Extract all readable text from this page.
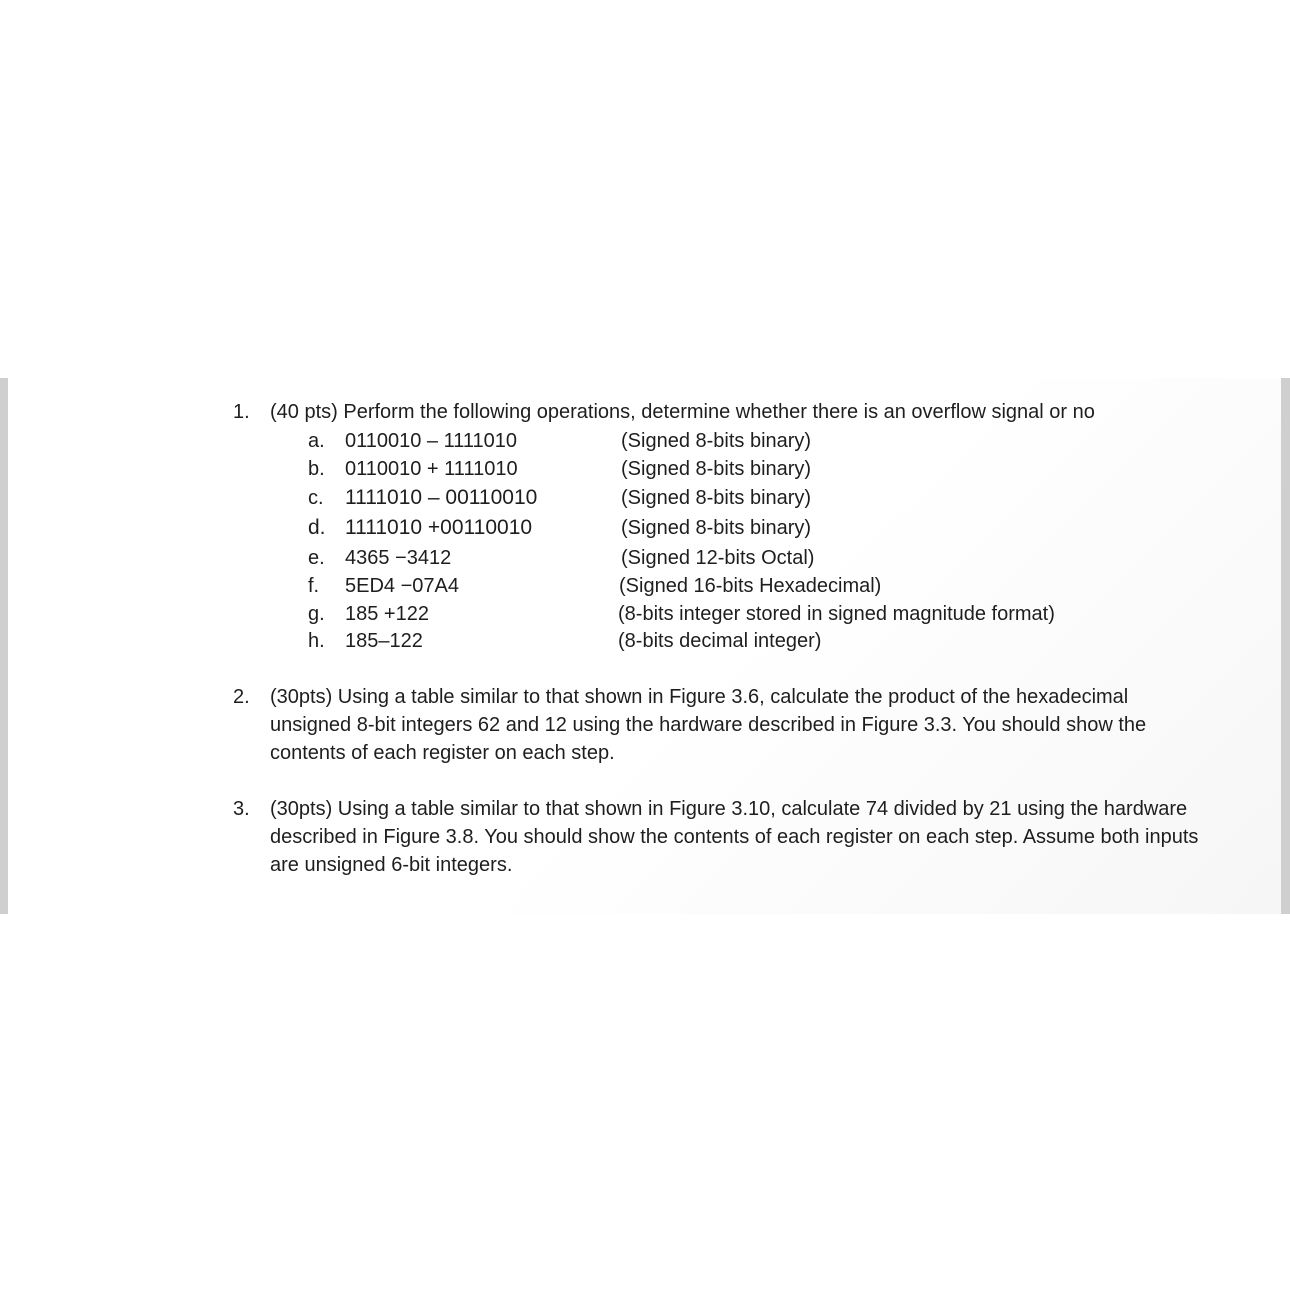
1. (40 pts) Perform the following operations, determine whether there is an overflow signal or no
a. 0110010 – 1111010	(Signed 8-bits binary)
b. 0110010 + 1111010	(Signed 8-bits binary)
c. 1111010 – 00110010	(Signed 8-bits binary)
d. 1111010 +00110010	(Signed 8-bits binary)
e. 4365 −3412	(Signed 12-bits Octal)
f. 5ED4 −07A4	(Signed 16-bits Hexadecimal)
g. 185 +122	(8-bits integer stored in signed magnitude format)
h. 185–122	(8-bits decimal integer)
2. (30pts) Using a table similar to that shown in Figure 3.6, calculate the product of the hexadecimal unsigned 8-bit integers 62 and 12 using the hardware described in Figure 3.3. You should show the contents of each register on each step.
3. (30pts) Using a table similar to that shown in Figure 3.10, calculate 74 divided by 21 using the hardware described in Figure 3.8. You should show the contents of each register on each step. Assume both inputs are unsigned 6-bit integers.
